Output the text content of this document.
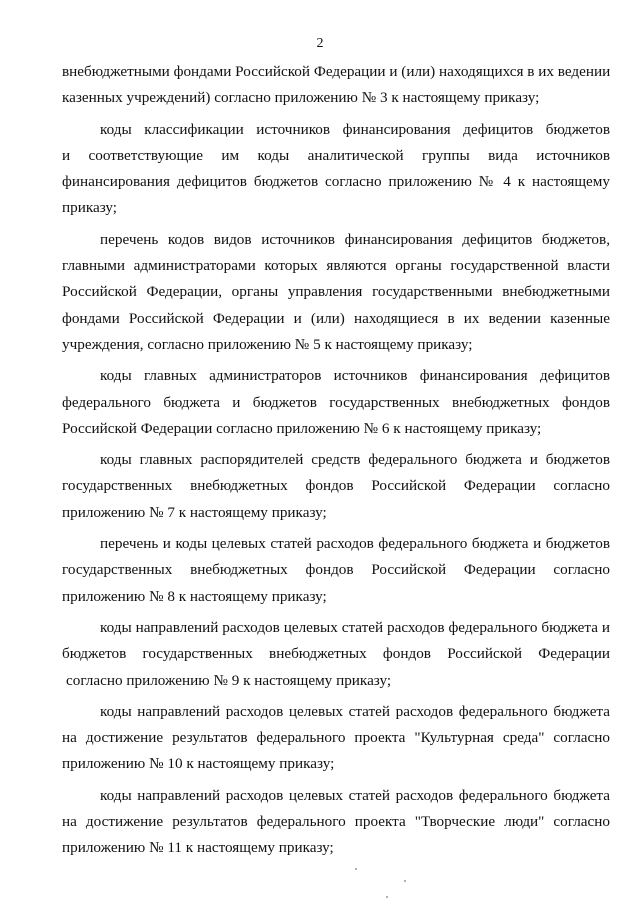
2
внебюджетными фондами Российской Федерации и (или) находящихся в их ведении
казенных учреждений) согласно приложению № 3 к настоящему приказу;
коды классификации источников финансирования дефицитов бюджетов
и соответствующие им коды аналитической группы вида источников
финансирования дефицитов бюджетов согласно приложению № 4 к настоящему
приказу;
перечень кодов видов источников финансирования дефицитов бюджетов,
главными администраторами которых являются органы государственной власти
Российской Федерации, органы управления государственными внебюджетными
фондами Российской Федерации и (или) находящиеся в их ведении казенные
учреждения, согласно приложению № 5 к настоящему приказу;
коды главных администраторов источников финансирования дефицитов
федерального бюджета и бюджетов государственных внебюджетных фондов
Российской Федерации согласно приложению № 6 к настоящему приказу;
коды главных распорядителей средств федерального бюджета и бюджетов
государственных внебюджетных фондов Российской Федерации согласно
приложению № 7 к настоящему приказу;
перечень и коды целевых статей расходов федерального бюджета и бюджетов
государственных внебюджетных фондов Российской Федерации согласно
приложению № 8 к настоящему приказу;
коды направлений расходов целевых статей расходов федерального бюджета и
бюджетов государственных внебюджетных фондов Российской Федерации
согласно приложению № 9 к настоящему приказу;
коды направлений расходов целевых статей расходов федерального бюджета
на достижение результатов федерального проекта "Культурная среда" согласно
приложению № 10 к настоящему приказу;
коды направлений расходов целевых статей расходов федерального бюджета
на достижение результатов федерального проекта "Творческие люди" согласно
приложению № 11 к настоящему приказу;
